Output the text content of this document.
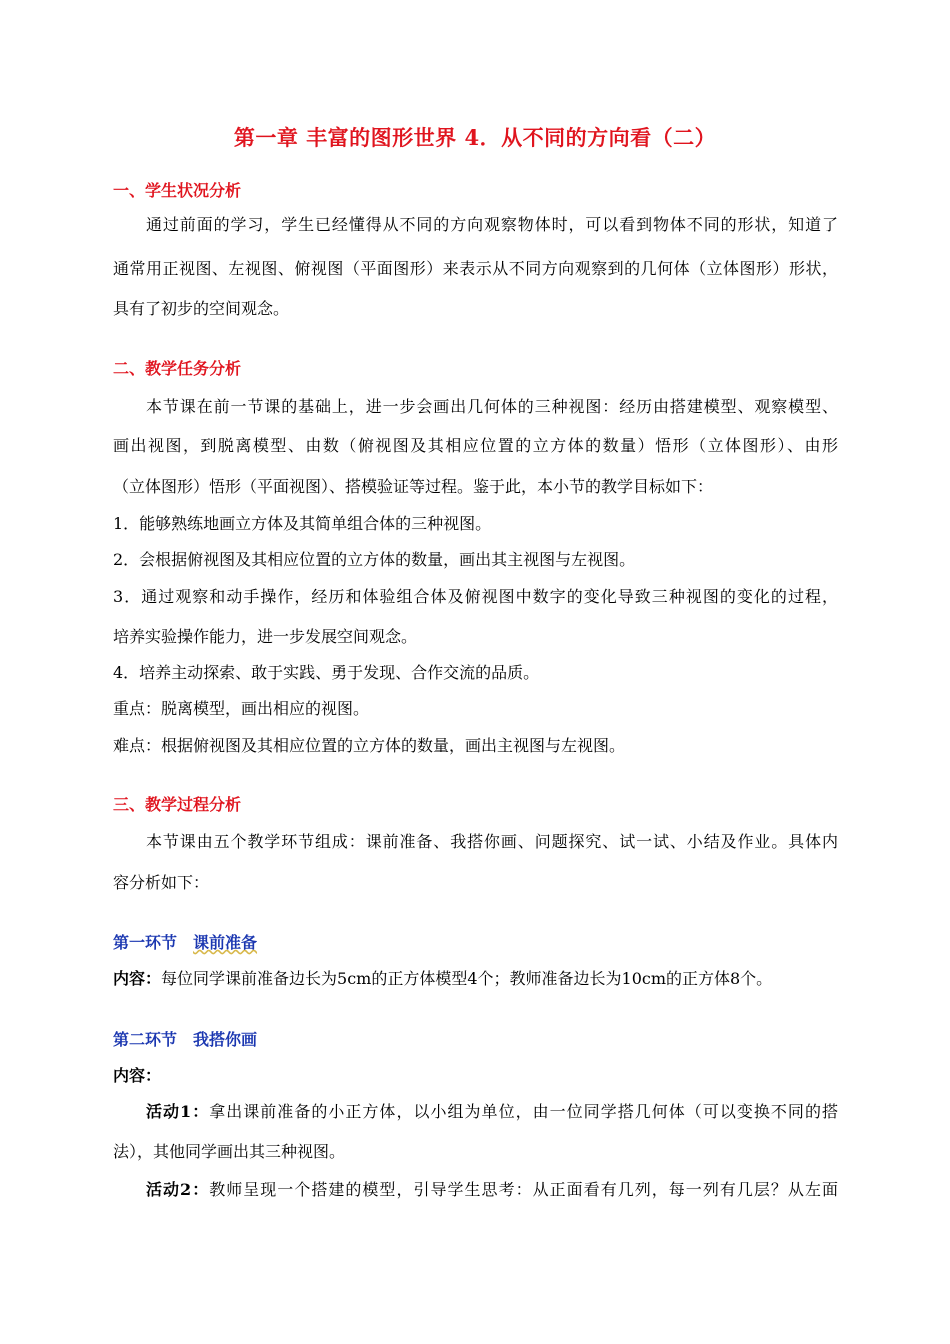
第一章 丰富的图形世界 4．从不同的方向看（二）
一、学生状况分析
通过前面的学习，学生已经懂得从不同的方向观察物体时，可以看到物体不同的形状，知道了
通常用正视图、左视图、俯视图（平面图形）来表示从不同方向观察到的几何体（立体图形）形状，
具有了初步的空间观念。
二、教学任务分析
本节课在前一节课的基础上，进一步会画出几何体的三种视图：经历由搭建模型、观察模型、
画出视图，到脱离模型、由数（俯视图及其相应位置的立方体的数量）悟形（立体图形）、由形
（立体图形）悟形（平面视图）、搭模验证等过程。鉴于此，本小节的教学目标如下：
1．能够熟练地画立方体及其简单组合体的三种视图。
2．会根据俯视图及其相应位置的立方体的数量，画出其主视图与左视图。
3．通过观察和动手操作，经历和体验组合体及俯视图中数字的变化导致三种视图的变化的过程，
培养实验操作能力，进一步发展空间观念。
4．培养主动探索、敢于实践、勇于发现、合作交流的品质。
重点：脱离模型，画出相应的视图。
难点：根据俯视图及其相应位置的立方体的数量，画出主视图与左视图。
三、教学过程分析
本节课由五个教学环节组成：课前准备、我搭你画、问题探究、试一试、小结及作业。具体内
容分析如下：
第一环节 课前准备
内容：每位同学课前准备边长为5cm的正方体模型4个；教师准备边长为10cm的正方体8个。
第二环节 我搭你画
内容：
活动1：拿出课前准备的小正方体，以小组为单位，由一位同学搭几何体（可以变换不同的搭
法），其他同学画出其三种视图。
活动2：教师呈现一个搭建的模型，引导学生思考：从正面看有几列，每一列有几层？从左面
